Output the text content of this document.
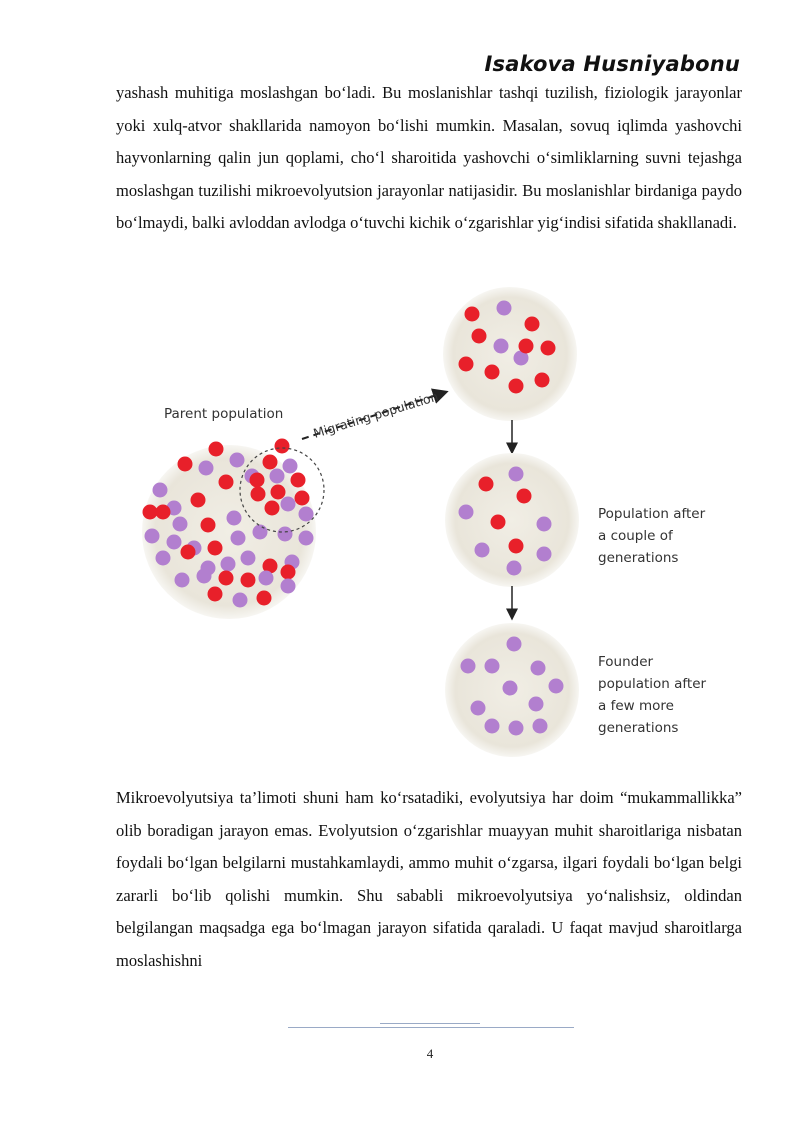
Isakova Husniyabonu

yashash muhitiga moslashgan bo‘ladi. Bu moslanishlar tashqi tuzilish, fiziologik jarayonlar yoki xulq-atvor shakllarida namoyon bo‘lishi mumkin. Masalan, sovuq iqlimda yashovchi hayvonlarning qalin jun qoplami, cho‘l sharoitida yashovchi o‘simliklarning suvni tejashga moslashgan tuzilishi mikroevolyutsion jarayonlar natijasidir. Bu moslanishlar birdaniga paydo bo‘lmaydi, balki avloddan avlodga o‘tuvchi kichik o‘zgarishlar yig‘indisi sifatida shakllanadi.

Parent population Migrating population
Population after a couple of generations
Founder population after a few more generations

Mikroevolyutsiya ta’limoti shuni ham ko‘rsatadiki, evolyutsiya har doim “mukammallikka” olib boradigan jarayon emas. Evolyutsion o‘zgarishlar muayyan muhit sharoitlariga nisbatan foydali bo‘lgan belgilarni mustahkamlaydi, ammo muhit o‘zgarsa, ilgari foydali bo‘lgan belgi zararli bo‘lib qolishi mumkin. Shu sababli mikroevolyutsiya yo‘nalishsiz, oldindan belgilangan maqsadga ega bo‘lmagan jarayon sifatida qaraladi. U faqat mavjud sharoitlarga moslashishni

4
